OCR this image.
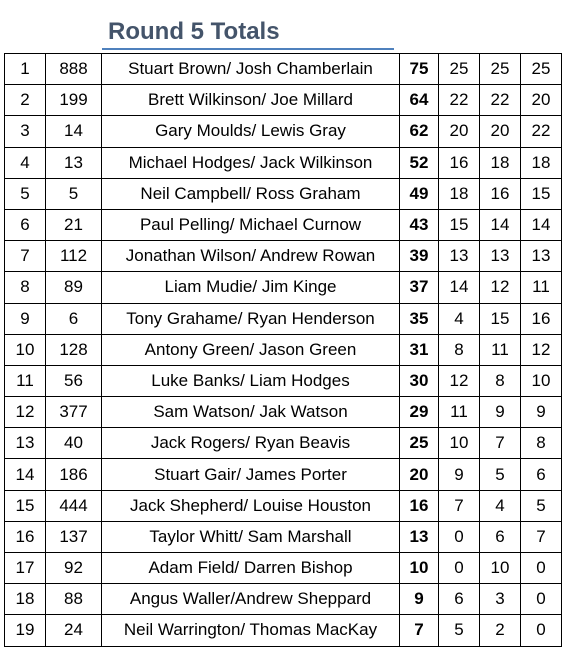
Round 5 Totals
1	888	Stuart Brown/ Josh Chamberlain	75	25	25	25
2	199	Brett Wilkinson/ Joe Millard	64	22	22	20
3	14	Gary Moulds/ Lewis Gray	62	20	20	22
4	13	Michael Hodges/ Jack Wilkinson	52	16	18	18
5	5	Neil Campbell/ Ross Graham	49	18	16	15
6	21	Paul Pelling/ Michael Curnow	43	15	14	14
7	112	Jonathan Wilson/ Andrew Rowan	39	13	13	13
8	89	Liam Mudie/ Jim Kinge	37	14	12	11
9	6	Tony Grahame/ Ryan Henderson	35	4	15	16
10	128	Antony Green/ Jason Green	31	8	11	12
11	56	Luke Banks/ Liam Hodges	30	12	8	10
12	377	Sam Watson/ Jak Watson	29	11	9	9
13	40	Jack Rogers/ Ryan Beavis	25	10	7	8
14	186	Stuart Gair/ James Porter	20	9	5	6
15	444	Jack Shepherd/ Louise Houston	16	7	4	5
16	137	Taylor Whitt/ Sam Marshall	13	0	6	7
17	92	Adam Field/ Darren Bishop	10	0	10	0
18	88	Angus Waller/Andrew Sheppard	9	6	3	0
19	24	Neil Warrington/ Thomas MacKay	7	5	2	0
